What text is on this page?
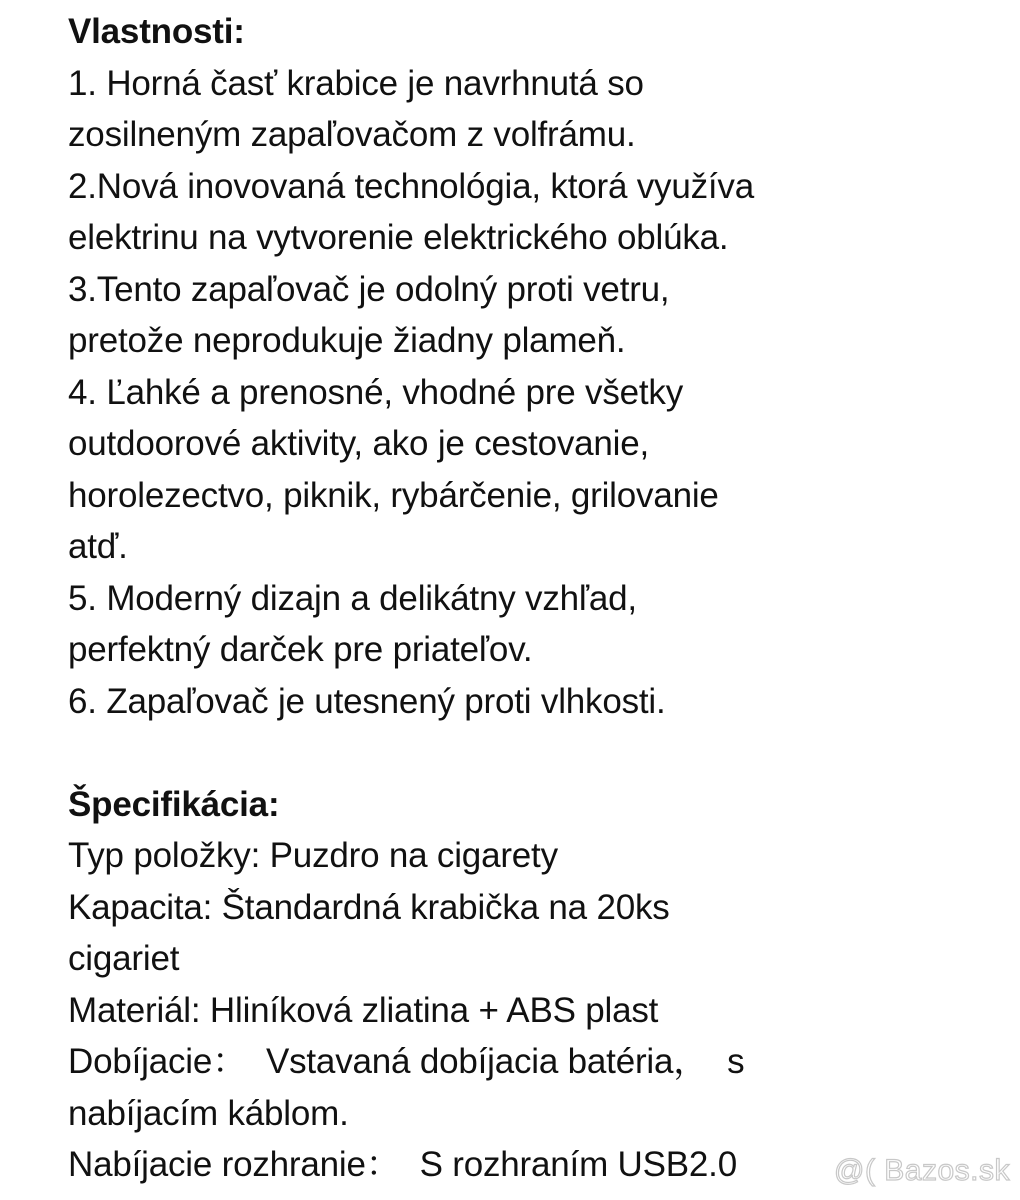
Vlastnosti:
1. Horná časť krabice je navrhnutá so
zosilneným zapaľovačom z volfrámu.
2.Nová inovovaná technológia, ktorá využíva
elektrinu na vytvorenie elektrického oblúka.
3.Tento zapaľovač je odolný proti vetru,
pretože neprodukuje žiadny plameň.
4. Ľahké a prenosné, vhodné pre všetky
outdoorové aktivity, ako je cestovanie,
horolezectvo, piknik, rybárčenie, grilovanie
atď.
5. Moderný dizajn a delikátny vzhľad,
perfektný darček pre priateľov.
6. Zapaľovač je utesnený proti vlhkosti.
Špecifikácia:
Typ položky: Puzdro na cigarety
Kapacita: Štandardná krabička na 20ks
cigariet
Materiál: Hliníková zliatina + ABS plast
Dobíjacie：  Vstavaná dobíjacia batéria，  s
nabíjacím káblom.
Nabíjacie rozhranie：  S rozhraním USB2.0	@( Bazos.sk
